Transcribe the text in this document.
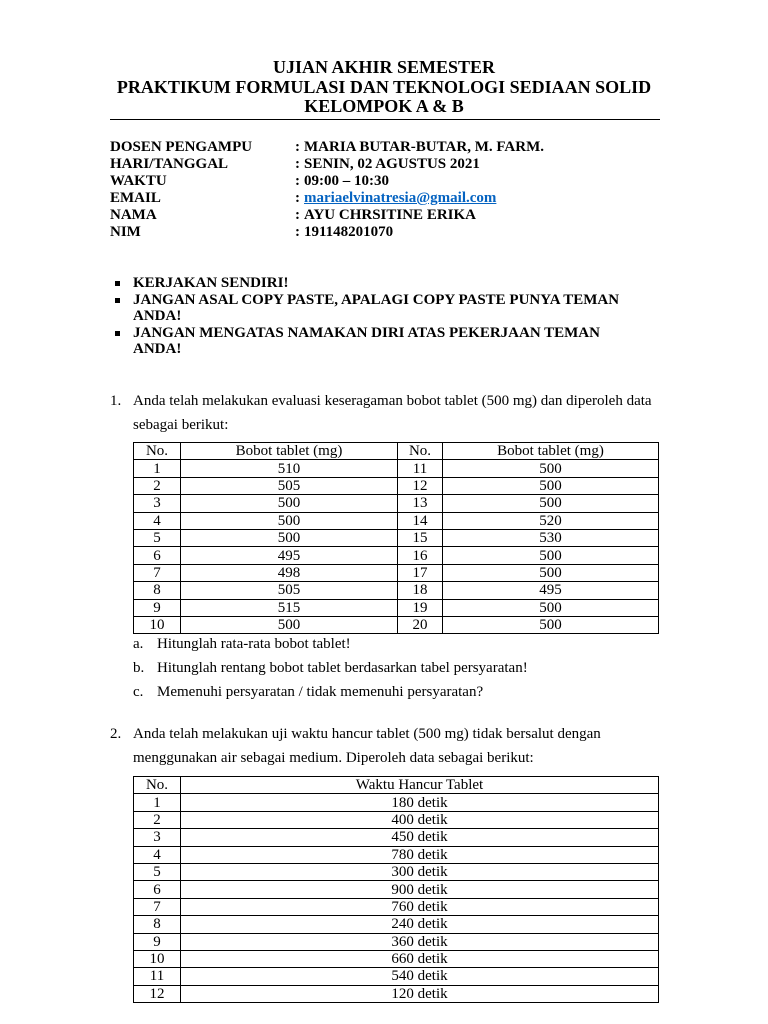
UJIAN AKHIR SEMESTER
PRAKTIKUM FORMULASI DAN TEKNOLOGI SEDIAAN SOLID
KELOMPOK A & B
DOSEN PENGAMPU	: MARIA BUTAR-BUTAR, M. FARM.
HARI/TANGGAL	: SENIN, 02 AGUSTUS 2021
WAKTU	: 09:00 – 10:30
EMAIL	: mariaelvinatresia@gmail.com
NAMA	: AYU CHRSITINE ERIKA
NIM	: 191148201070
KERJAKAN SENDIRI!
JANGAN ASAL COPY PASTE, APALAGI COPY PASTE PUNYA TEMAN ANDA!
JANGAN MENGATAS NAMAKAN DIRI ATAS PEKERJAAN TEMAN ANDA!
1. Anda telah melakukan evaluasi keseragaman bobot tablet (500 mg) dan diperoleh data sebagai berikut:
No.	Bobot tablet (mg)	No.	Bobot tablet (mg)
1	510	11	500
2	505	12	500
3	500	13	500
4	500	14	520
5	500	15	530
6	495	16	500
7	498	17	500
8	505	18	495
9	515	19	500
10	500	20	500
a. Hitunglah rata-rata bobot tablet!
b. Hitunglah rentang bobot tablet berdasarkan tabel persyaratan!
c. Memenuhi persyaratan / tidak memenuhi persyaratan?
2. Anda telah melakukan uji waktu hancur tablet (500 mg) tidak bersalut dengan menggunakan air sebagai medium. Diperoleh data sebagai berikut:
No.	Waktu Hancur Tablet
1	180 detik
2	400 detik
3	450 detik
4	780 detik
5	300 detik
6	900 detik
7	760 detik
8	240 detik
9	360 detik
10	660 detik
11	540 detik
12	120 detik
